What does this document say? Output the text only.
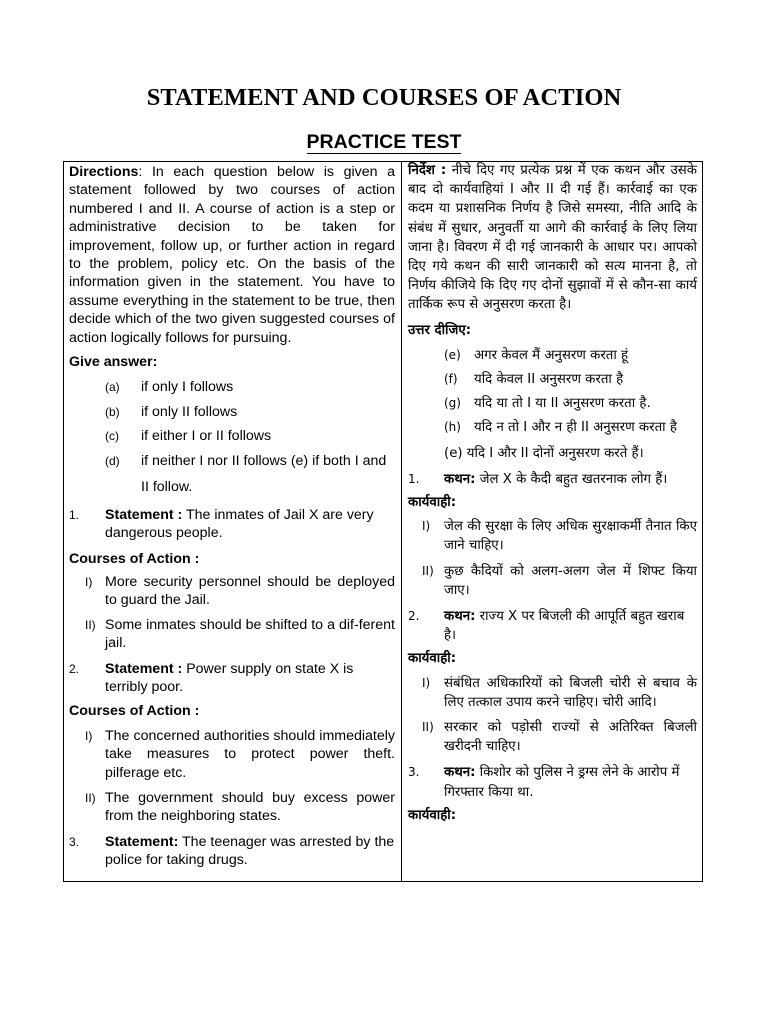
STATEMENT AND COURSES OF ACTION
PRACTICE TEST
Directions: In each question below is given a statement followed by two courses of action numbered I and II. A course of action is a step or administrative decision to be taken for improvement, follow up, or further action in regard to the problem, policy etc. On the basis of the information given in the statement. You have to assume everything in the statement to be true, then decide which of the two given suggested courses of action logically follows for pursuing.
Give answer:
(a)	if only I follows
(b)	if only II follows
(c)	if either I or II follows
(d)	if neither I nor II follows (e) if both I and II follow.
1.	Statement : The inmates of Jail X are very dangerous people.
Courses of Action :
I) More security personnel should be deployed to guard the Jail.
II) Some inmates should be shifted to a dif-ferent jail.
2.	Statement : Power supply on state X is terribly poor.
Courses of Action :
I) The concerned authorities should immediately take measures to protect power theft. pilferage etc.
II) The government should buy excess power from the neighboring states.
3.	Statement: The teenager was arrested by the police for taking drugs.
निर्देश : नीचे दिए गए प्रत्येक प्रश्न में एक कथन और उसके बाद दो कार्यवाहियां I और II दी गई हैं। कार्रवाई का एक कदम या प्रशासनिक निर्णय है जिसे समस्या, नीति आदि के संबंध में सुधार, अनुवर्ती या आगे की कार्रवाई के लिए लिया जाना है। विवरण में दी गई जानकारी के आधार पर। आपको दिए गये कथन की सारी जानकारी को सत्य मानना है, तो निर्णय कीजिये कि दिए गए दोनों सुझावों में से कौन-सा कार्य तार्किक रूप से अनुसरण करता है।
उत्तर दीजिए:
(e) अगर केवल मैं अनुसरण करता हूं
(f)	यदि केवल II अनुसरण करता है
(g) यदि या तो I या II अनुसरण करता है.
(h) यदि न तो I और न ही II अनुसरण करता है
(e) यदि I और II दोनों अनुसरण करते हैं।
1.	कथन: जेल X के कैदी बहुत खतरनाक लोग हैं।
कार्यवाही:
I)	जेल की सुरक्षा के लिए अधिक सुरक्षाकर्मी तैनात किए जाने चाहिए।
II) कुछ कैदियों को अलग-अलग जेल में शिफ्ट किया जाए।
2.	कथन: राज्य X पर बिजली की आपूर्ति बहुत खराब है।
कार्यवाही:
I)	संबंधित अधिकारियों को बिजली चोरी से बचाव के लिए तत्काल उपाय करने चाहिए। चोरी आदि।
II) सरकार को पड़ोसी राज्यों से अतिरिक्त बिजली खरीदनी चाहिए।
3.	कथन: किशोर को पुलिस ने ड्रग्स लेने के आरोप में गिरफ्तार किया था.
कार्यवाही:
